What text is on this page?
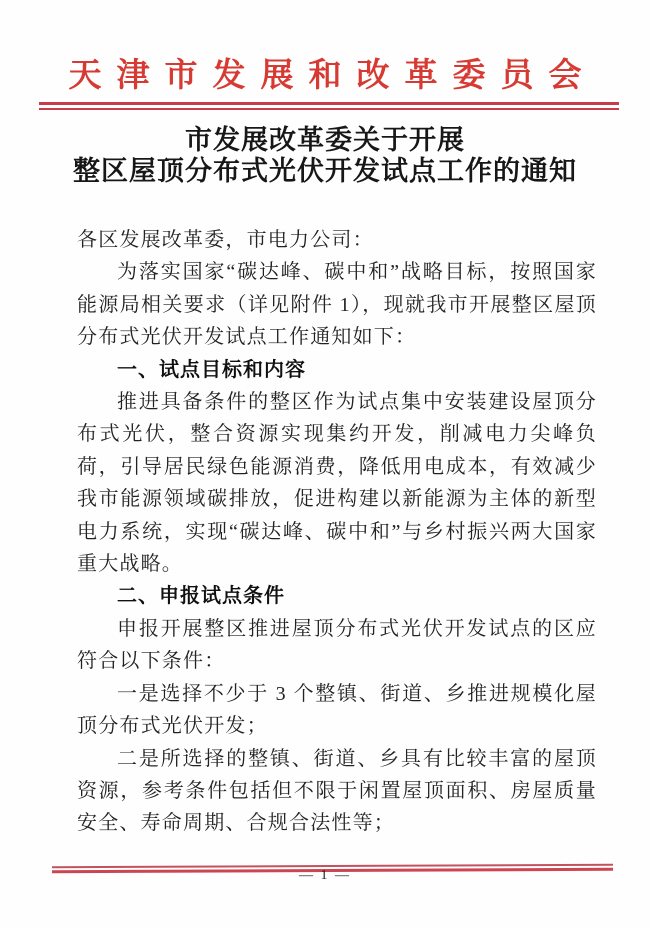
天津市发展和改革委员会
市发展改革委关于开展
整区屋顶分布式光伏开发试点工作的通知

各区发展改革委，市电力公司：

为落实国家“碳达峰、碳中和”战略目标，按照国家能源局相关要求（详见附件 1），现就我市开展整区屋顶分布式光伏开发试点工作通知如下：

一、试点目标和内容

推进具备条件的整区作为试点集中安装建设屋顶分布式光伏，整合资源实现集约开发，削减电力尖峰负荷，引导居民绿色能源消费，降低用电成本，有效减少我市能源领域碳排放，促进构建以新能源为主体的新型电力系统，实现“碳达峰、碳中和”与乡村振兴两大国家重大战略。

二、申报试点条件

申报开展整区推进屋顶分布式光伏开发试点的区应符合以下条件：

一是选择不少于 3 个整镇、街道、乡推进规模化屋顶分布式光伏开发；

二是所选择的整镇、街道、乡具有比较丰富的屋顶资源，参考条件包括但不限于闲置屋顶面积、房屋质量安全、寿命周期、合规合法性等；

— 1 —
